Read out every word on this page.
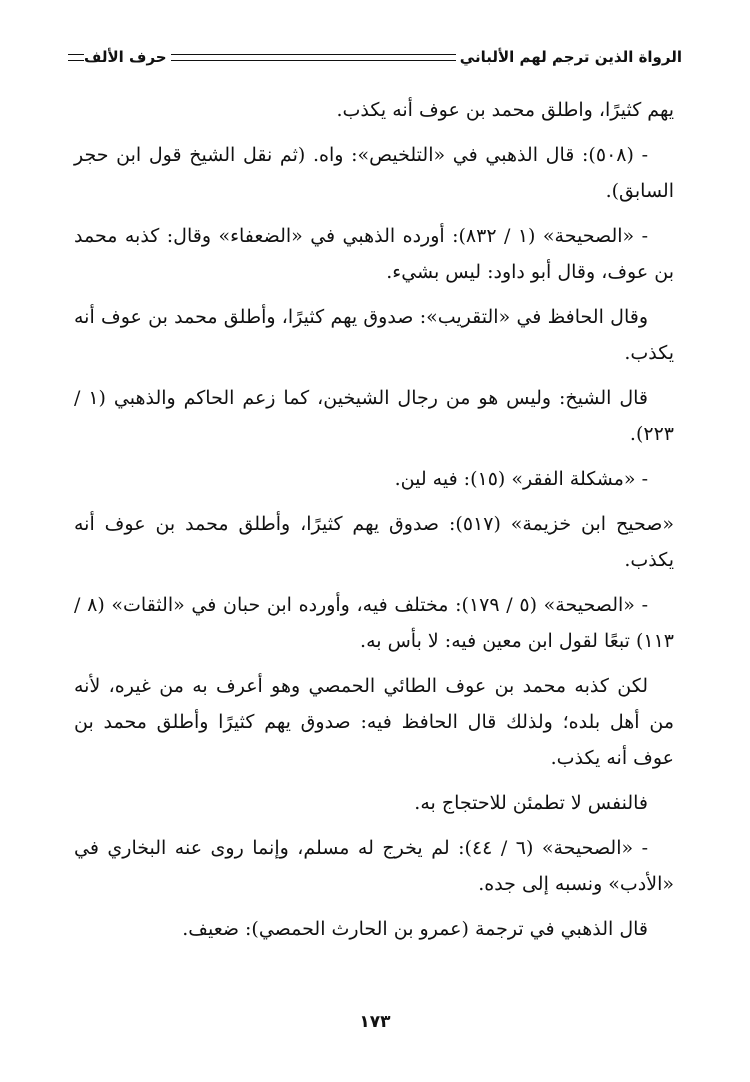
حرف الألف	الرواة الذين ترجم لهم الألباني

يهم كثيرًا، واطلق محمد بن عوف أنه يكذب.

- (٥٠٨): قال الذهبي في «التلخيص»: واه. (ثم نقل الشيخ قول ابن حجر السابق).

- «الصحيحة» (١ / ٨٣٢): أورده الذهبي في «الضعفاء» وقال: كذبه محمد بن عوف، وقال أبو داود: ليس بشيء.

وقال الحافظ في «التقريب»: صدوق يهم كثيرًا، وأطلق محمد بن عوف أنه يكذب.

قال الشيخ: وليس هو من رجال الشيخين، كما زعم الحاكم والذهبي (١ / ٢٢٣).

- «مشكلة الفقر» (١٥): فيه لين.

«صحيح ابن خزيمة» (٥١٧): صدوق يهم كثيرًا، وأطلق محمد بن عوف أنه يكذب.

- «الصحيحة» (٥ / ١٧٩): مختلف فيه، وأورده ابن حبان في «الثقات» (٨ / ١١٣) تبعًا لقول ابن معين فيه: لا بأس به.

لكن كذبه محمد بن عوف الطائي الحمصي وهو أعرف به من غيره، لأنه من أهل بلده؛ ولذلك قال الحافظ فيه: صدوق يهم كثيرًا وأطلق محمد بن عوف أنه يكذب.

فالنفس لا تطمئن للاحتجاج به.

- «الصحيحة» (٦ / ٤٤): لم يخرج له مسلم، وإنما روى عنه البخاري في «الأدب» ونسبه إلى جده.

قال الذهبي في ترجمة (عمرو بن الحارث الحمصي): ضعيف.

١٧٣
